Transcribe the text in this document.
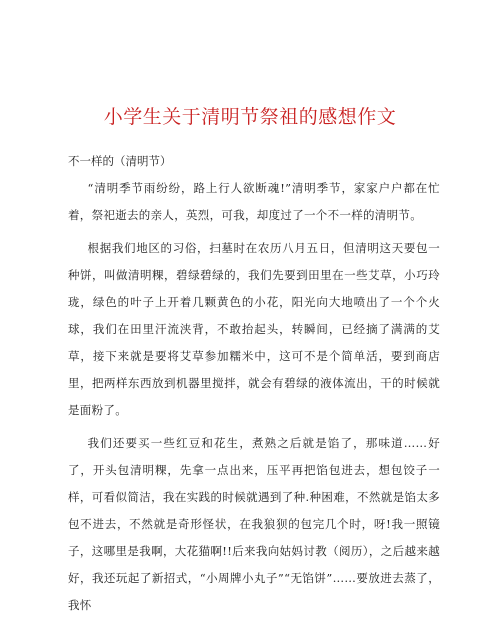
小学生关于清明节祭祖的感想作文

不一样的（清明节）

“清明季节雨纷纷，路上行人欲断魂!”清明季节，家家户户都在忙着，祭祀逝去的亲人，英烈，可我，却度过了一个不一样的清明节。

根据我们地区的习俗，扫墓时在农历八月五日，但清明这天要包一种饼，叫做清明粿，碧绿碧绿的，我们先要到田里在一些艾草，小巧玲珑，绿色的叶子上开着几颗黄色的小花，阳光向大地喷出了一个个火球，我们在田里汗流浃背，不敢抬起头，转瞬间，已经摘了满满的艾草，接下来就是要将艾草参加糯米中，这可不是个简单活，要到商店里，把两样东西放到机器里搅拌，就会有碧绿的液体流出，干的时候就是面粉了。

我们还要买一些红豆和花生，煮熟之后就是馅了，那味道……好了，开头包清明粿，先拿一点出来，压平再把馅包进去，想包饺子一样，可看似简洁，我在实践的时候就遇到了种.种困难，不然就是馅太多包不进去，不然就是奇形怪状，在我狼狈的包完几个时，呀!我一照镜子，这哪里是我啊，大花猫啊!!后来我向姑妈讨教（阅历），之后越来越好，我还玩起了新招式，“小周牌小丸子”“无馅饼”……要放进去蒸了，我怀
